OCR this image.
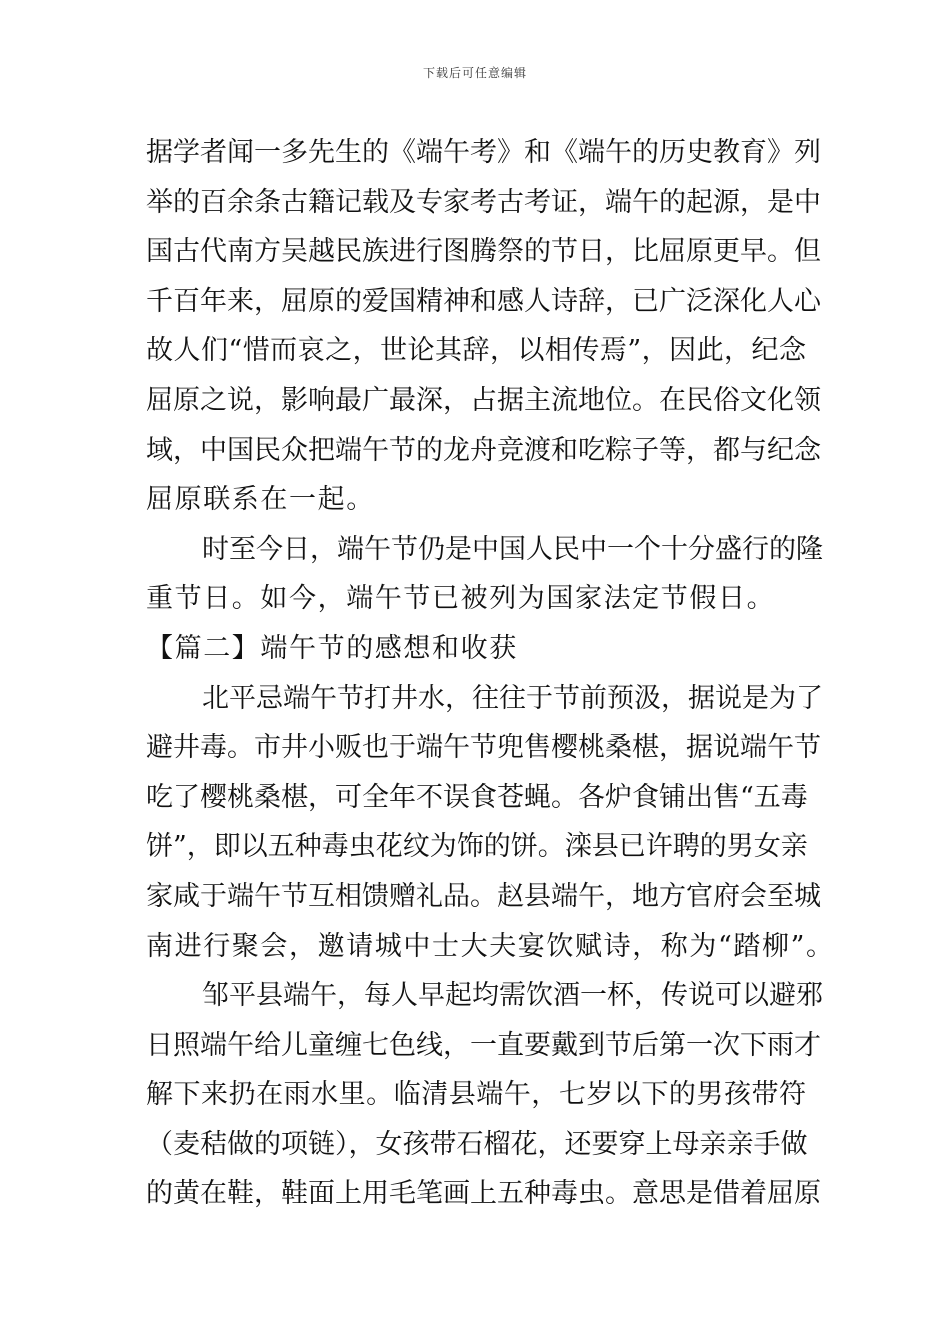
下载后可任意编辑
据学者闻一多先生的《端午考》和《端午的历史教育》列
举的百余条古籍记载及专家考古考证，端午的起源，是中
国古代南方吴越民族进行图腾祭的节日，比屈原更早。但
千百年来，屈原的爱国精神和感人诗辞，已广泛深化人心
故人们“惜而哀之，世论其辞，以相传焉”，因此，纪念
屈原之说，影响最广最深，占据主流地位。在民俗文化领
域，中国民众把端午节的龙舟竞渡和吃粽子等，都与纪念
屈原联系在一起。
时至今日，端午节仍是中国人民中一个十分盛行的隆
重节日。如今，端午节已被列为国家法定节假日。
【篇二】端午节的感想和收获
北平忌端午节打井水，往往于节前预汲，据说是为了
避井毒。市井小贩也于端午节兜售樱桃桑椹，据说端午节
吃了樱桃桑椹，可全年不误食苍蝇。各炉食铺出售“五毒
饼”，即以五种毒虫花纹为饰的饼。滦县已许聘的男女亲
家咸于端午节互相馈赠礼品。赵县端午，地方官府会至城
南进行聚会，邀请城中士大夫宴饮赋诗，称为“踏柳”。
邹平县端午，每人早起均需饮酒一杯，传说可以避邪
日照端午给儿童缠七色线，一直要戴到节后第一次下雨才
解下来扔在雨水里。临清县端午，七岁以下的男孩带符
（麦秸做的项链），女孩带石榴花，还要穿上母亲亲手做
的黄在鞋，鞋面上用毛笔画上五种毒虫。意思是借着屈原
